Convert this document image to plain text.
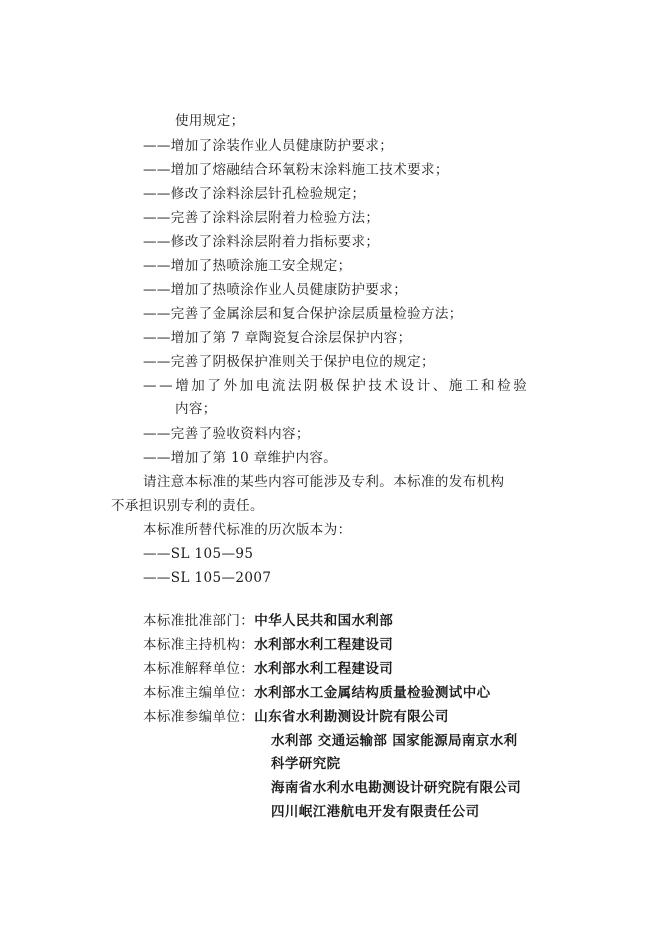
使用规定；
——增加了涂装作业人员健康防护要求；
——增加了熔融结合环氧粉末涂料施工技术要求；
——修改了涂料涂层针孔检验规定；
——完善了涂料涂层附着力检验方法；
——修改了涂料涂层附着力指标要求；
——增加了热喷涂施工安全规定；
——增加了热喷涂作业人员健康防护要求；
——完善了金属涂层和复合保护涂层质量检验方法；
——增加了第 7 章陶瓷复合涂层保护内容；
——完善了阴极保护准则关于保护电位的规定；
——增加了外加电流法阴极保护技术设计、施工和检验
内容；
——完善了验收资料内容；
——增加了第 10 章维护内容。
请注意本标准的某些内容可能涉及专利。本标准的发布机构
不承担识别专利的责任。
本标准所替代标准的历次版本为：
——SL 105—95
——SL 105—2007
本标准批准部门：中华人民共和国水利部
本标准主持机构：水利部水利工程建设司
本标准解释单位：水利部水利工程建设司
本标准主编单位：水利部水工金属结构质量检验测试中心
本标准参编单位：山东省水利勘测设计院有限公司
水利部 交通运输部 国家能源局南京水利
科学研究院
海南省水利水电勘测设计研究院有限公司
四川岷江港航电开发有限责任公司
